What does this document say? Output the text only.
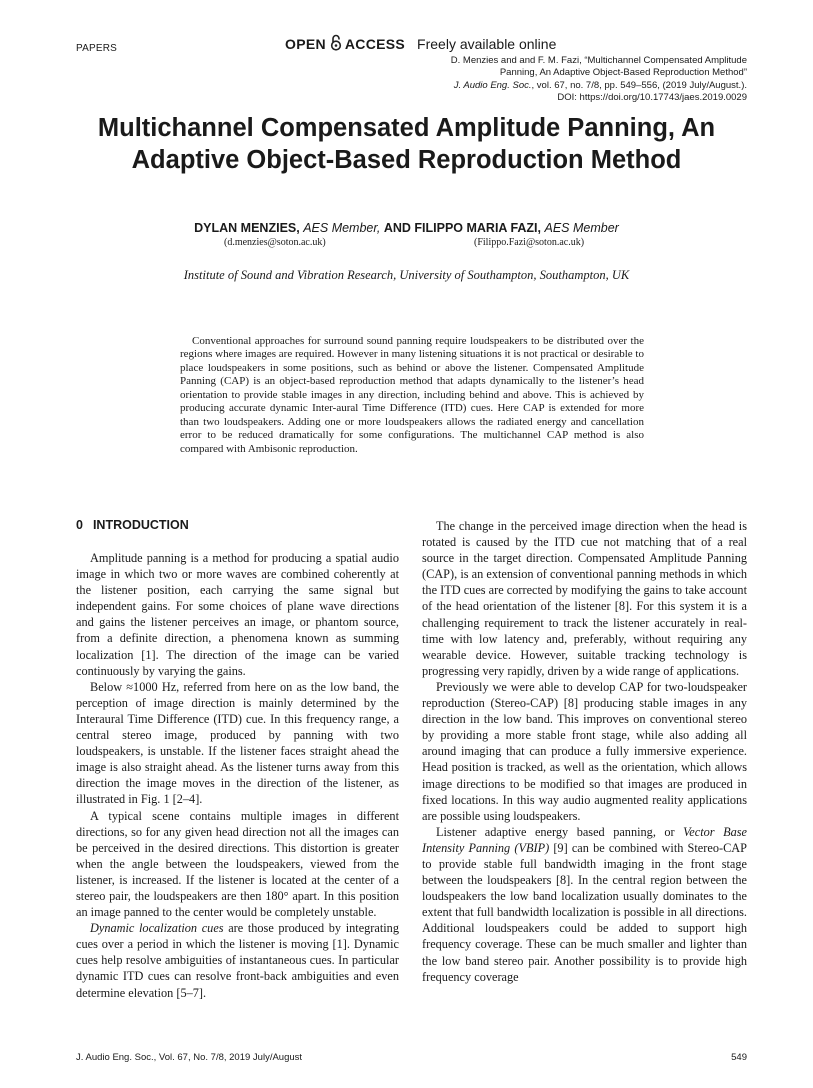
PAPERS	OPEN ACCESS Freely available online
D. Menzies and and F. M. Fazi, “Multichannel Compensated Amplitude
Panning, An Adaptive Object-Based Reproduction Method”
J. Audio Eng. Soc., vol. 67, no. 7/8, pp. 549–556, (2019 July/August.).
DOI: https://doi.org/10.17743/jaes.2019.0029
Multichannel Compensated Amplitude Panning, An
Adaptive Object-Based Reproduction Method
DYLAN MENZIES, AES Member, AND FILIPPO MARIA FAZI, AES Member
(d.menzies@soton.ac.uk)	(Filippo.Fazi@soton.ac.uk)
Institute of Sound and Vibration Research, University of Southampton, Southampton, UK

Conventional approaches for surround sound panning require loudspeakers to be distributed over the regions where images are required. However in many listening situations it is not practical or desirable to place loudspeakers in some positions, such as behind or above the listener. Compensated Amplitude Panning (CAP) is an object-based reproduction method that adapts dynamically to the listener’s head orientation to provide stable images in any direction, including behind and above. This is achieved by producing accurate dynamic Inter-aural Time Difference (ITD) cues. Here CAP is extended for more than two loudspeakers. Adding one or more loudspeakers allows the radiated energy and cancellation error to be reduced dramatically for some configurations. The multichannel CAP method is also compared with Ambisonic reproduction.

0 INTRODUCTION

Amplitude panning is a method for producing a spatial audio image in which two or more waves are combined coherently at the listener position, each carrying the same signal but independent gains. For some choices of plane wave directions and gains the listener perceives an image, or phantom source, from a definite direction, a phenomena known as summing localization [1]. The direction of the image can be varied continuously by varying the gains.

Below ≈1000 Hz, referred from here on as the low band, the perception of image direction is mainly determined by the Interaural Time Difference (ITD) cue. In this frequency range, a central stereo image, produced by panning with two loudspeakers, is unstable. If the listener faces straight ahead the image is also straight ahead. As the listener turns away from this direction the image moves in the direction of the listener, as illustrated in Fig. 1 [2–4].

A typical scene contains multiple images in different directions, so for any given head direction not all the images can be perceived in the desired directions. This distortion is greater when the angle between the loudspeakers, viewed from the listener, is increased. If the listener is located at the center of a stereo pair, the loudspeakers are then 180° apart. In this position an image panned to the center would be completely unstable.

Dynamic localization cues are those produced by integrating cues over a period in which the listener is moving [1]. Dynamic cues help resolve ambiguities of instantaneous cues. In particular dynamic ITD cues can resolve front-back ambiguities and even determine elevation [5–7].

The change in the perceived image direction when the head is rotated is caused by the ITD cue not matching that of a real source in the target direction. Compensated Amplitude Panning (CAP), is an extension of conventional panning methods in which the ITD cues are corrected by modifying the gains to take account of the head orientation of the listener [8]. For this system it is a challenging requirement to track the listener accurately in real-time with low latency and, preferably, without requiring any wearable device. However, suitable tracking technology is progressing very rapidly, driven by a wide range of applications.

Previously we were able to develop CAP for two-loudspeaker reproduction (Stereo-CAP) [8] producing stable images in any direction in the low band. This improves on conventional stereo by providing a more stable front stage, while also adding all around imaging that can produce a fully immersive experience. Head position is tracked, as well as the orientation, which allows image directions to be modified so that images are produced in fixed locations. In this way audio augmented reality applications are possible using loudspeakers.

Listener adaptive energy based panning, or Vector Base Intensity Panning (VBIP) [9] can be combined with Stereo-CAP to provide stable full bandwidth imaging in the front stage between the loudspeakers [8]. In the central region between the loudspeakers the low band localization usually dominates to the extent that full bandwidth localization is possible in all directions. Additional loudspeakers could be added to support high frequency coverage. These can be much smaller and lighter than the low band stereo pair. Another possibility is to provide high frequency coverage

J. Audio Eng. Soc., Vol. 67, No. 7/8, 2019 July/August	549
